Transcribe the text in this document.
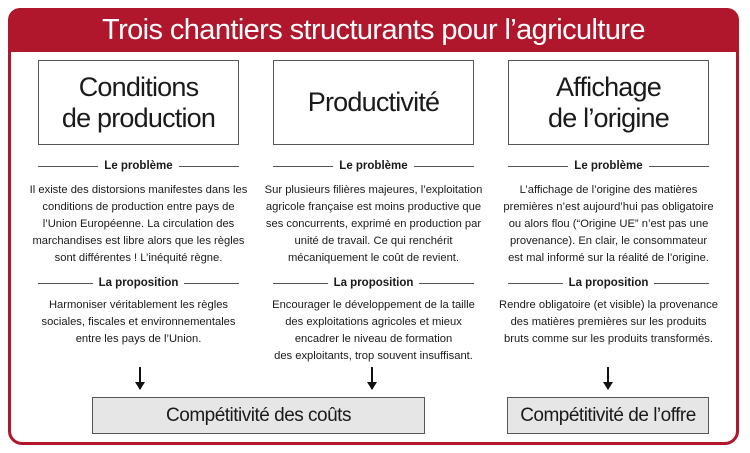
Trois chantiers structurants pour l’agriculture
Conditions
de production
Le problème
Il existe des distorsions manifestes dans les
conditions de production entre pays de
l’Union Européenne. La circulation des
marchandises est libre alors que les règles
sont différentes ! L’inéquité règne.
La proposition
Harmoniser véritablement les règles
sociales, fiscales et environnementales
entre les pays de l’Union.
Productivité
Le problème
Sur plusieurs filières majeures, l’exploitation
agricole française est moins productive que
ses concurrents, exprimé en production par
unité de travail. Ce qui renchérit
mécaniquement le coût de revient.
La proposition
Encourager le développement de la taille
des exploitations agricoles et mieux
encadrer le niveau de formation
des exploitants, trop souvent insuffisant.
Affichage
de l’origine
Le problème
L’affichage de l’origine des matières
premières n’est aujourd’hui pas obligatoire
ou alors flou (“Origine UE” n’est pas une
provenance). En clair, le consommateur
est mal informé sur la réalité de l’origine.
La proposition
Rendre obligatoire (et visible) la provenance
des matières premières sur les produits
bruts comme sur les produits transformés.
Compétitivité des coûts	Compétitivité de l’offre
